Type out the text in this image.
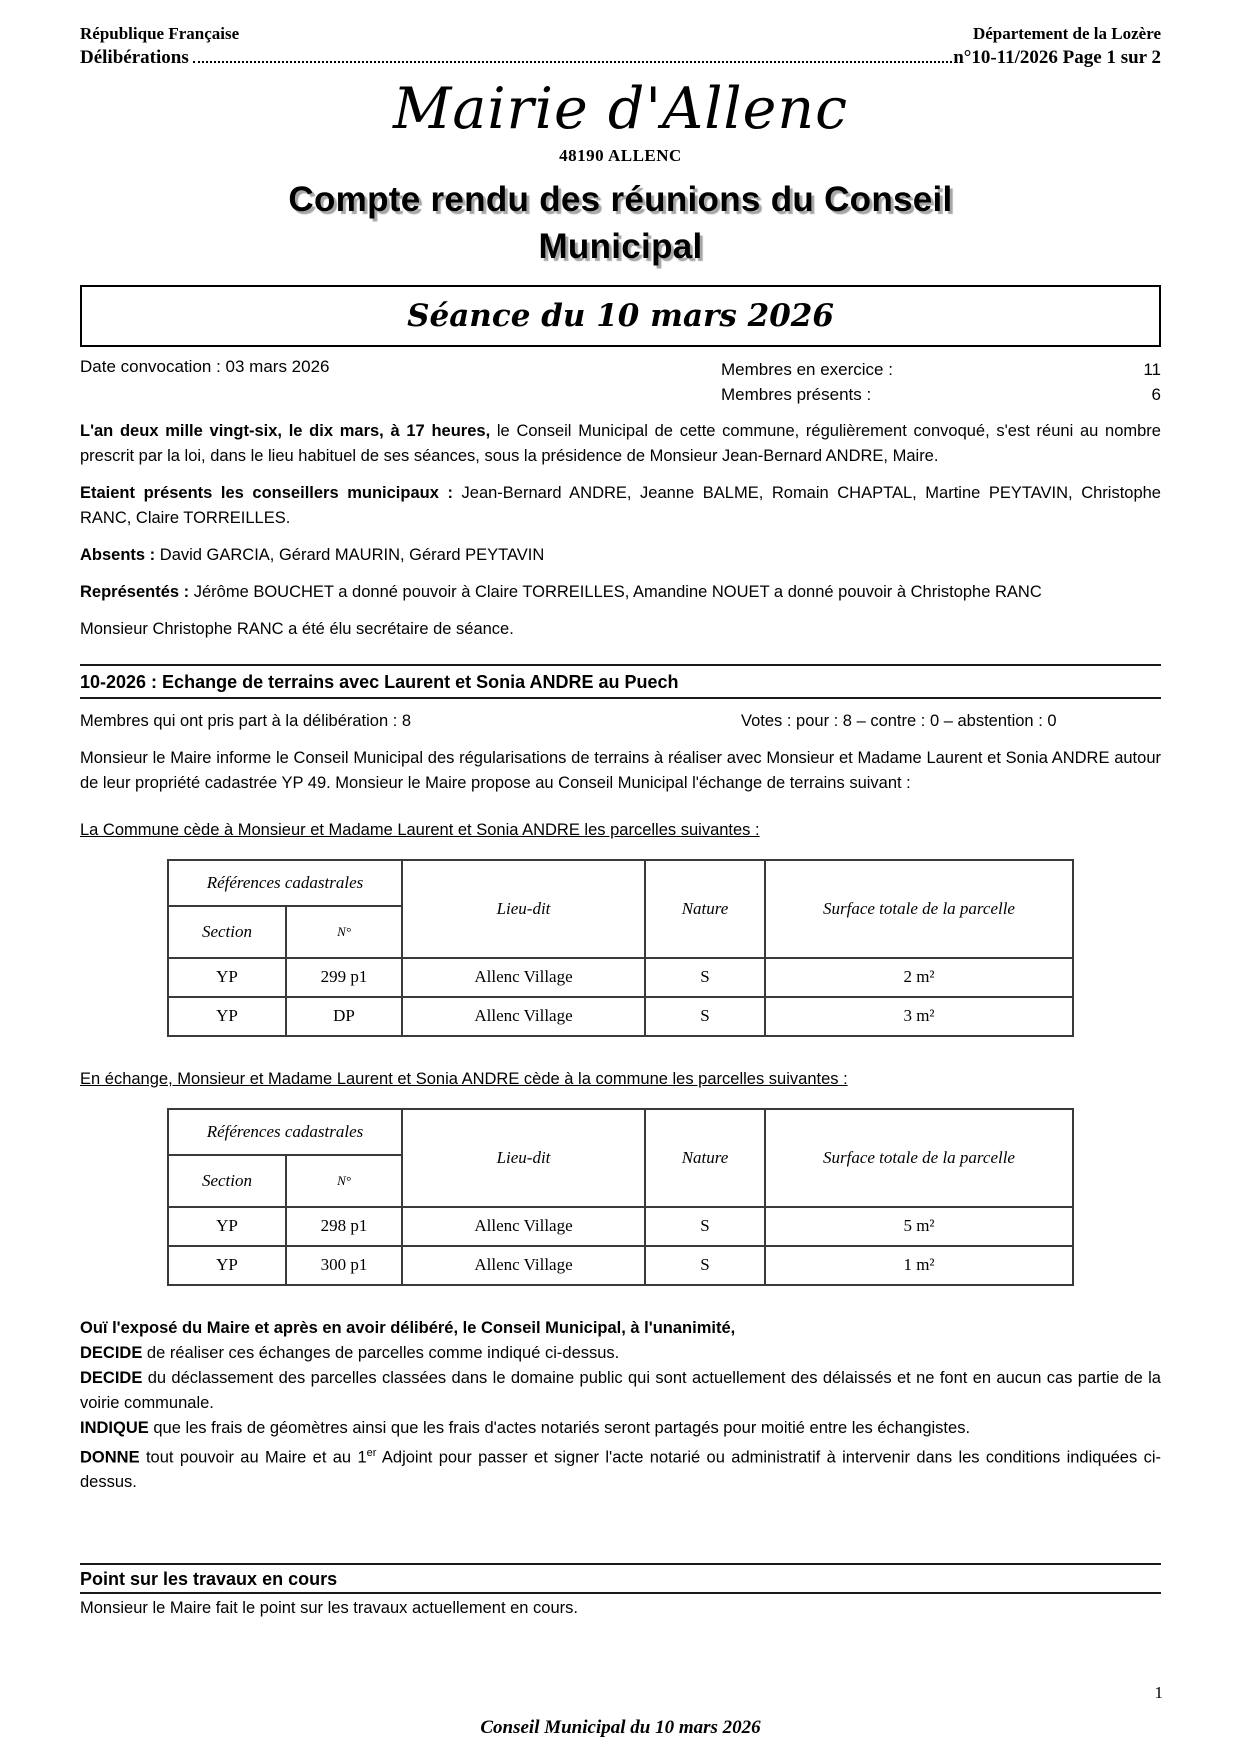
République Française	Département de la Lozère
Délibérations	n°10-11/2026 Page 1 sur 2
Mairie d'Allenc
48190 ALLENC
Compte rendu des réunions du Conseil
Municipal
Séance du 10 mars 2026
Date convocation : 03 mars 2026	Membres en exercice :	11
Membres présents :	6

L'an deux mille vingt-six, le dix mars, à 17 heures, le Conseil Municipal de cette commune, régulièrement convoqué, s'est réuni au nombre prescrit par la loi, dans le lieu habituel de ses séances, sous la présidence de Monsieur Jean-Bernard ANDRE, Maire.

Etaient présents les conseillers municipaux : Jean-Bernard ANDRE, Jeanne BALME, Romain CHAPTAL, Martine PEYTAVIN, Christophe RANC, Claire TORREILLES.

Absents : David GARCIA, Gérard MAURIN, Gérard PEYTAVIN

Représentés : Jérôme BOUCHET a donné pouvoir à Claire TORREILLES, Amandine NOUET a donné pouvoir à Christophe RANC

Monsieur Christophe RANC a été élu secrétaire de séance.

10-2026 : Echange de terrains avec Laurent et Sonia ANDRE au Puech
Membres qui ont pris part à la délibération : 8	Votes : pour : 8 – contre : 0 – abstention : 0

Monsieur le Maire informe le Conseil Municipal des régularisations de terrains à réaliser avec Monsieur et Madame Laurent et Sonia ANDRE autour de leur propriété cadastrée YP 49. Monsieur le Maire propose au Conseil Municipal l'échange de terrains suivant :

La Commune cède à Monsieur et Madame Laurent et Sonia ANDRE les parcelles suivantes :

Références cadastrales		Lieu-dit	Nature	Surface totale de la parcelle
Section	N°			
YP	299 p1	Allenc Village	S	2 m²
YP	DP	Allenc Village	S	3 m²

En échange, Monsieur et Madame Laurent et Sonia ANDRE cède à la commune les parcelles suivantes :

Références cadastrales		Lieu-dit	Nature	Surface totale de la parcelle
Section	N°			
YP	298 p1	Allenc Village	S	5 m²
YP	300 p1	Allenc Village	S	1 m²

Ouï l'exposé du Maire et après en avoir délibéré, le Conseil Municipal, à l'unanimité,

DECIDE de réaliser ces échanges de parcelles comme indiqué ci-dessus.

DECIDE du déclassement des parcelles classées dans le domaine public qui sont actuellement des délaissés et ne font en aucun cas partie de la voirie communale.

INDIQUE que les frais de géomètres ainsi que les frais d'actes notariés seront partagés pour moitié entre les échangistes.

DONNE tout pouvoir au Maire et au 1er Adjoint pour passer et signer l'acte notarié ou administratif à intervenir dans les conditions indiquées ci-dessus.

Point sur les travaux en cours

Monsieur le Maire fait le point sur les travaux actuellement en cours.

1
Conseil Municipal du 10 mars 2026
